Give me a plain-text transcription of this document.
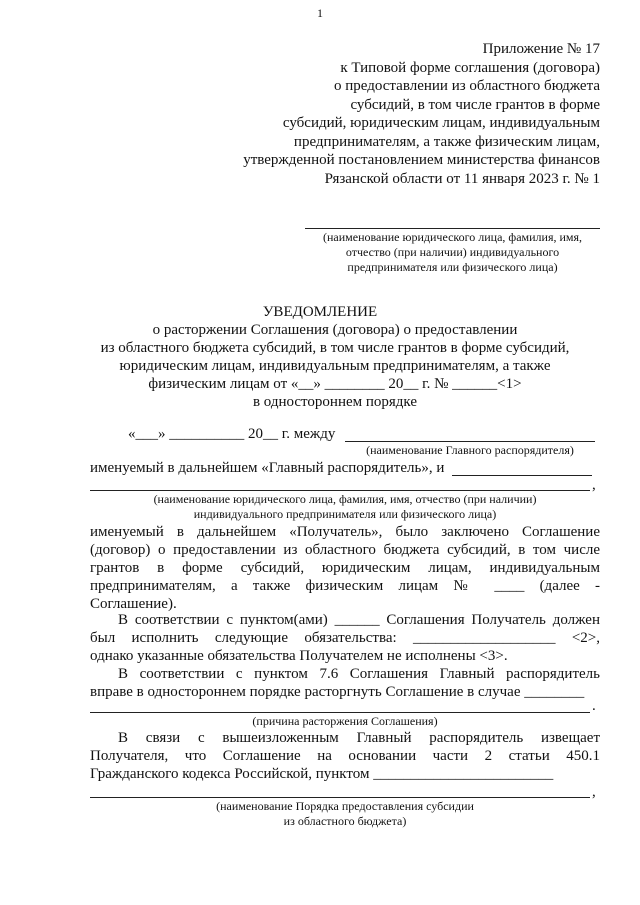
1
Приложение № 17
к Типовой форме соглашения (договора)
о предоставлении из областного бюджета
субсидий, в том числе грантов в форме
субсидий, юридическим лицам, индивидуальным
предпринимателям, а также физическим лицам,
утвержденной постановлением министерства финансов
Рязанской области от 11 января 2023 г. № 1
(наименование юридического лица, фамилия, имя,
отчество (при наличии) индивидуального
предпринимателя или физического лица)
УВЕДОМЛЕНИЕ
о расторжении Соглашения (договора) о предоставлении
из областного бюджета субсидий, в том числе грантов в форме субсидий,
юридическим лицам, индивидуальным предпринимателям, а также
физическим лицам от «__» ________ 20__ г. № ______<1>
в одностороннем порядке
«___» __________ 20__ г. между
(наименование Главного распорядителя)
именуемый в дальнейшем «Главный распорядитель», и
,
(наименование юридического лица, фамилия, имя, отчество (при наличии)
индивидуального предпринимателя или физического лица)
именуемый в дальнейшем «Получатель», было заключено Соглашение
(договор) о предоставлении из областного бюджета субсидий, в том числе
грантов в форме субсидий, юридическим лицам, индивидуальным
предпринимателям, а также физическим лицам № ____ (далее -
Соглашение).
В соответствии с пунктом(ами) ______ Соглашения Получатель должен
был исполнить следующие обязательства: ___________________ <2>,
однако указанные обязательства Получателем не исполнены <3>.
В соответствии с пунктом 7.6 Соглашения Главный распорядитель
вправе в одностороннем порядке расторгнуть Соглашение в случае ________
.
(причина расторжения Соглашения)
В связи с вышеизложенным Главный распорядитель извещает
Получателя, что Соглашение на основании части 2 статьи 450.1
Гражданского кодекса Российской, пунктом ________________________
,
(наименование Порядка предоставления субсидии
из областного бюджета)
